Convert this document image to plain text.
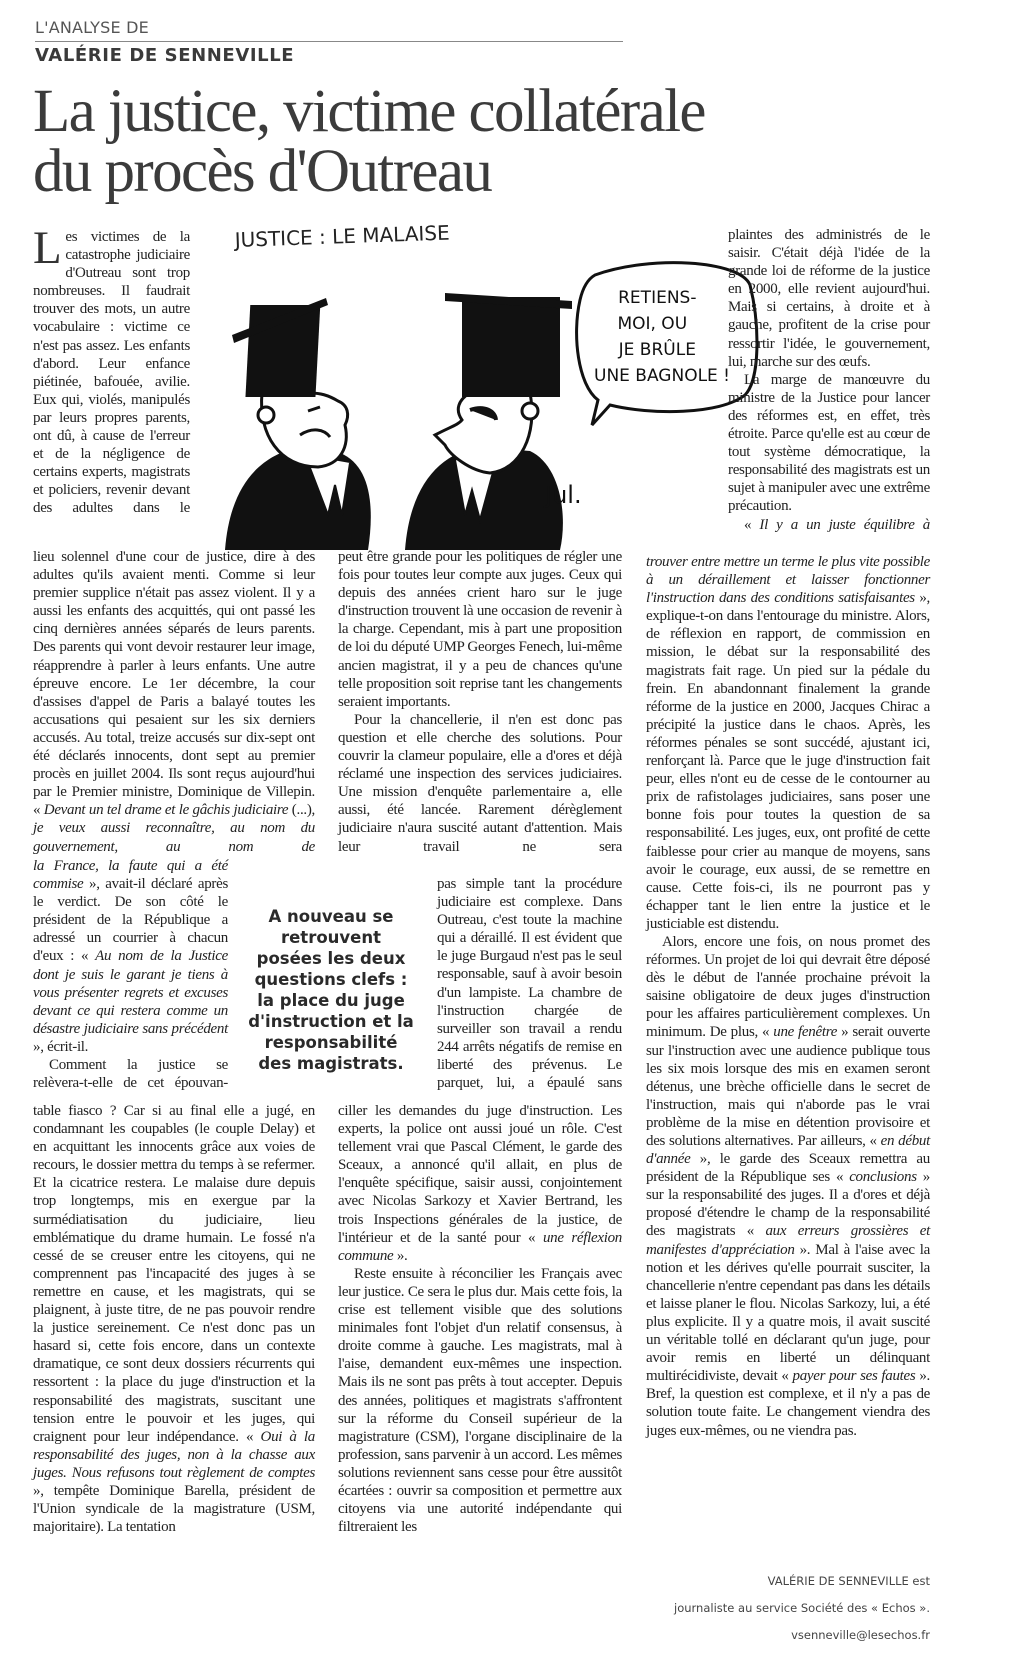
L'ANALYSE DE
VALÉRIE DE SENNEVILLE
La justice, victime collatérale
du procès d'Outreau
JUSTICE : LE MALAISE
RETIENS- MOI, OU JE BRÛLE UNE BAGNOLE !
Jul.
L es victimes de la catastrophe judiciaire d'Outreau sont trop nombreuses. Il faudrait trouver des mots, un autre vocabulaire : victime ce n'est pas assez. Les enfants d'abord. Leur enfance piétinée, bafouée, avilie. Eux qui, violés, manipulés par leurs propres parents, ont dû, à cause de l'erreur et de la négligence de certains experts, magistrats et policiers, revenir devant des adultes dans le

lieu solennel d'une cour de justice, dire à des adultes qu'ils avaient menti. Comme si leur premier supplice n'était pas assez violent. Il y a aussi les enfants des acquittés, qui ont passé les cinq dernières années séparés de leurs parents. Des parents qui vont devoir restaurer leur image, réapprendre à parler à leurs enfants. Une autre épreuve encore. Le 1er décembre, la cour d'assises d'appel de Paris a balayé toutes les accusations qui pesaient sur les six derniers accusés. Au total, treize accusés sur dix-sept ont été déclarés innocents, dont sept au premier procès en juillet 2004. Ils sont reçus aujourd'hui par le Premier ministre, Dominique de Villepin. « Devant un tel drame et le gâchis judiciaire (...), je veux aussi reconnaître, au nom du gouvernement, au nom de

la France, la faute qui a été commise », avait-il déclaré après le verdict. De son côté le président de la République a adressé un courrier à chacun d'eux : « Au nom de la Justice dont je suis le garant je tiens à vous présenter regrets et excuses devant ce qui restera comme un désastre judiciaire sans précédent », écrit-il.

Comment la justice se relèvera-t-elle de cet épouvan-

table fiasco ? Car si au final elle a jugé, en condamnant les coupables (le couple Delay) et en acquittant les innocents grâce aux voies de recours, le dossier mettra du temps à se refermer. Et la cicatrice restera. Le malaise dure depuis trop longtemps, mis en exergue par la surmédiatisation du judiciaire, lieu emblématique du drame humain. Le fossé n'a cessé de se creuser entre les citoyens, qui ne comprennent pas l'incapacité des juges à se remettre en cause, et les magistrats, qui se plaignent, à juste titre, de ne pas pouvoir rendre la justice sereinement. Ce n'est donc pas un hasard si, cette fois encore, dans un contexte dramatique, ce sont deux dossiers récurrents qui ressortent : la place du juge d'instruction et la responsabilité des magistrats, suscitant une tension entre le pouvoir et les juges, qui craignent pour leur indépendance. « Oui à la responsabilité des juges, non à la chasse aux juges. Nous refusons tout règlement de comptes », tempête Dominique Barella, président de l'Union syndicale de la magistrature (USM, majoritaire). La tentation

peut être grande pour les politiques de régler une fois pour toutes leur compte aux juges. Ceux qui depuis des années crient haro sur le juge d'instruction trouvent là une occasion de revenir à la charge. Cependant, mis à part une proposition de loi du député UMP Georges Fenech, lui-même ancien magistrat, il y a peu de chances qu'une telle proposition soit reprise tant les changements seraient importants.

Pour la chancellerie, il n'en est donc pas question et elle cherche des solutions. Pour couvrir la clameur populaire, elle a d'ores et déjà réclamé une inspection des services judiciaires. Une mission d'enquête parlementaire a, elle aussi, été lancée. Rarement dérèglement judiciaire n'aura suscité autant d'attention. Mais leur travail ne sera

pas simple tant la procédure judiciaire est complexe. Dans Outreau, c'est toute la machine qui a déraillé. Il est évident que le juge Burgaud n'est pas le seul responsable, sauf à avoir besoin d'un lampiste. La chambre de l'instruction chargée de surveiller son travail a rendu 244 arrêts négatifs de remise en liberté des prévenus. Le parquet, lui, a épaulé sans

ciller les demandes du juge d'instruction. Les experts, la police ont aussi joué un rôle. C'est tellement vrai que Pascal Clément, le garde des Sceaux, a annoncé qu'il allait, en plus de l'enquête spécifique, saisir aussi, conjointement avec Nicolas Sarkozy et Xavier Bertrand, les trois Inspections générales de la justice, de l'intérieur et de la santé pour « une réflexion commune ».

Reste ensuite à réconcilier les Français avec leur justice. Ce sera le plus dur. Mais cette fois, la crise est tellement visible que des solutions minimales font l'objet d'un relatif consensus, à droite comme à gauche. Les magistrats, mal à l'aise, demandent eux-mêmes une inspection. Mais ils ne sont pas prêts à tout accepter. Depuis des années, politiques et magistrats s'affrontent sur la réforme du Conseil supérieur de la magistrature (CSM), l'organe disciplinaire de la profession, sans parvenir à un accord. Les mêmes solutions reviennent sans cesse pour être aussitôt écartées : ouvrir sa composition et permettre aux citoyens via une autorité indépendante qui filtreraient les

plaintes des administrés de le saisir. C'était déjà l'idée de la grande loi de réforme de la justice en 2000, elle revient aujourd'hui. Mais si certains, à droite et à gauche, profitent de la crise pour ressortir l'idée, le gouvernement, lui, marche sur des œufs.

La marge de manœuvre du ministre de la Justice pour lancer des réformes est, en effet, très étroite. Parce qu'elle est au cœur de tout système démocratique, la responsabilité des magistrats est un sujet à manipuler avec une extrême précaution.

« Il y a un juste équilibre à

trouver entre mettre un terme le plus vite possible à un déraillement et laisser fonctionner l'instruction dans des conditions satisfaisantes », explique-t-on dans l'entourage du ministre. Alors, de réflexion en rapport, de commission en mission, le débat sur la responsabilité des magistrats fait rage. Un pied sur la pédale du frein. En abandonnant finalement la grande réforme de la justice en 2000, Jacques Chirac a précipité la justice dans le chaos. Après, les réformes pénales se sont succédé, ajustant ici, renforçant là. Parce que le juge d'instruction fait peur, elles n'ont eu de cesse de le contourner au prix de rafistolages judiciaires, sans poser une bonne fois pour toutes la question de sa responsabilité. Les juges, eux, ont profité de cette faiblesse pour crier au manque de moyens, sans avoir le courage, eux aussi, de se remettre en cause. Cette fois-ci, ils ne pourront pas y échapper tant le lien entre la justice et le justiciable est distendu.

Alors, encore une fois, on nous promet des réformes. Un projet de loi qui devrait être déposé dès le début de l'année prochaine prévoit la saisine obligatoire de deux juges d'instruction pour les affaires particulièrement complexes. Un minimum. De plus, « une fenêtre » serait ouverte sur l'instruction avec une audience publique tous les six mois lorsque des mis en examen seront détenus, une brèche officielle dans le secret de l'instruction, mais qui n'aborde pas le vrai problème de la mise en détention provisoire et des solutions alternatives. Par ailleurs, « en début d'année », le garde des Sceaux remettra au président de la République ses « conclusions » sur la responsabilité des juges. Il a d'ores et déjà proposé d'étendre le champ de la responsabilité des magistrats « aux erreurs grossières et manifestes d'appréciation ». Mal à l'aise avec la notion et les dérives qu'elle pourrait susciter, la chancellerie n'entre cependant pas dans les détails et laisse planer le flou. Nicolas Sarkozy, lui, a été plus explicite. Il y a quatre mois, il avait suscité un véritable tollé en déclarant qu'un juge, pour avoir remis en liberté un délinquant multirécidiviste, devait « payer pour ses fautes ». Bref, la question est complexe, et il n'y a pas de solution toute faite. Le changement viendra des juges eux-mêmes, ou ne viendra pas.

A nouveau se retrouvent posées les deux questions clefs : la place du juge d'instruction et la responsabilité des magistrats.
VALÉRIE DE SENNEVILLE est
journaliste au service Société des « Echos ».
vsenneville@lesechos.fr
